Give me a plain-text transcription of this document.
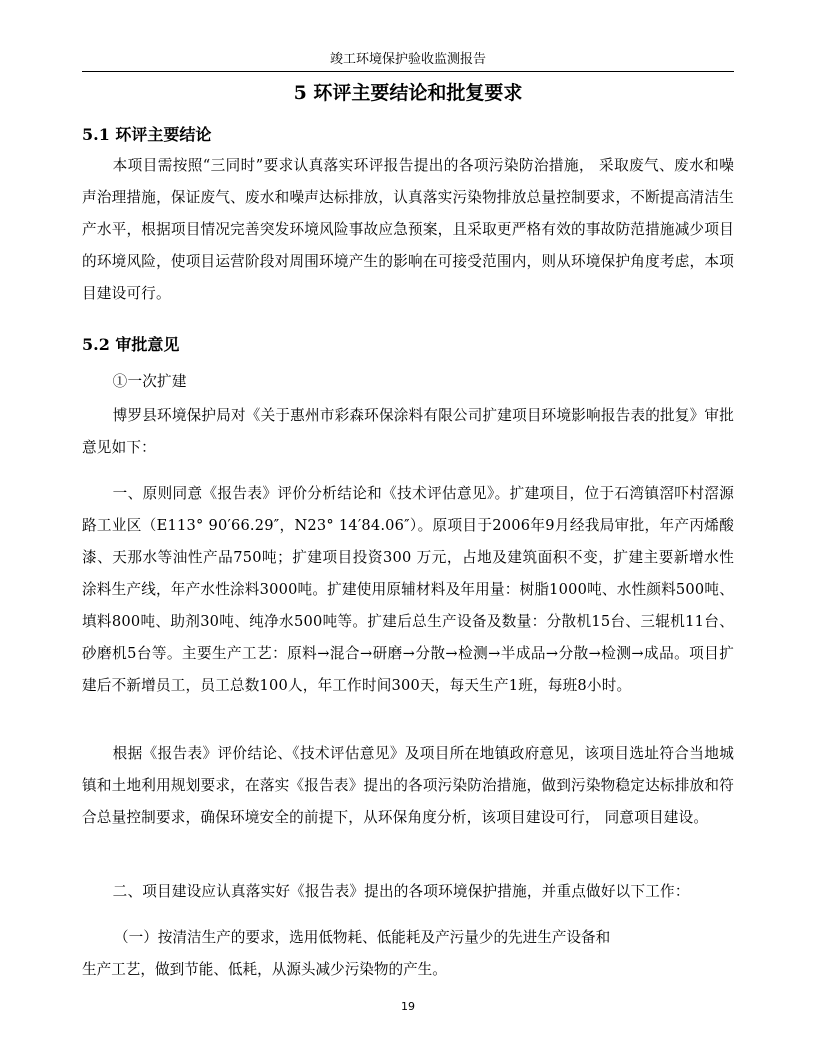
竣工环境保护验收监测报告
5 环评主要结论和批复要求
5.1 环评主要结论
本项目需按照“三同时”要求认真落实环评报告提出的各项污染防治措施， 采取废气、废水和噪声治理措施，保证废气、废水和噪声达标排放，认真落实污染物排放总量控制要求，不断提高清洁生产水平，根据项目情况完善突发环境风险事故应急预案，且采取更严格有效的事故防范措施减少项目的环境风险，使项目运营阶段对周围环境产生的影响在可接受范围内，则从环境保护角度考虑，本项目建设可行。
5.2 审批意见
①一次扩建
博罗县环境保护局对《关于惠州市彩森环保涂料有限公司扩建项目环境影响报告表的批复》审批意见如下：
一、原则同意《报告表》评价分析结论和《技术评估意见》。扩建项目，位于石湾镇滘吓村滘源路工业区（E113° 90′66.29″，N23° 14′84.06″）。原项目于2006年9月经我局审批，年产丙烯酸漆、天那水等油性产品750吨；扩建项目投资300 万元，占地及建筑面积不变，扩建主要新增水性涂料生产线，年产水性涂料3000吨。扩建使用原辅材料及年用量：树脂1000吨、水性颜料500吨、填料800吨、助剂30吨、纯净水500吨等。扩建后总生产设备及数量：分散机15台、三辊机11台、砂磨机5台等。主要生产工艺：原料→混合→研磨→分散→检测→半成品→分散→检测→成品。项目扩建后不新增员工，员工总数100人，年工作时间300天，每天生产1班，每班8小时。
根据《报告表》评价结论、《技术评估意见》及项目所在地镇政府意见，该项目选址符合当地城镇和土地利用规划要求，在落实《报告表》提出的各项污染防治措施，做到污染物稳定达标排放和符合总量控制要求，确保环境安全的前提下，从环保角度分析，该项目建设可行， 同意项目建设。
二、项目建设应认真落实好《报告表》提出的各项环境保护措施，并重点做好以下工作：
（一）按清洁生产的要求，选用低物耗、低能耗及产污量少的先进生产设备和
生产工艺，做到节能、低耗，从源头减少污染物的产生。
19
